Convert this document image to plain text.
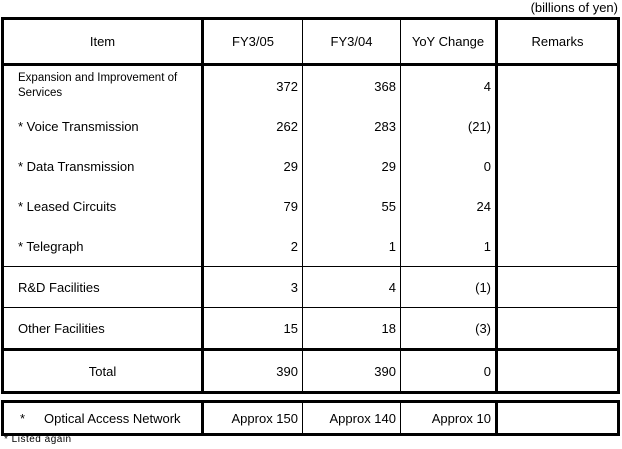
(billions of yen)
Item	FY3/05	FY3/04	YoY Change	Remarks
Expansion and Improvement of Services	372	368	4
* Voice Transmission	262	283	(21)
* Data Transmission	29	29	0
* Leased Circuits	79	55	24
* Telegraph	2	1	1
R&D Facilities	3	4	(1)
Other Facilities	15	18	(3)
Total	390	390	0
*	Optical Access Network	Approx 150	Approx 140	Approx 10
* Listed again
